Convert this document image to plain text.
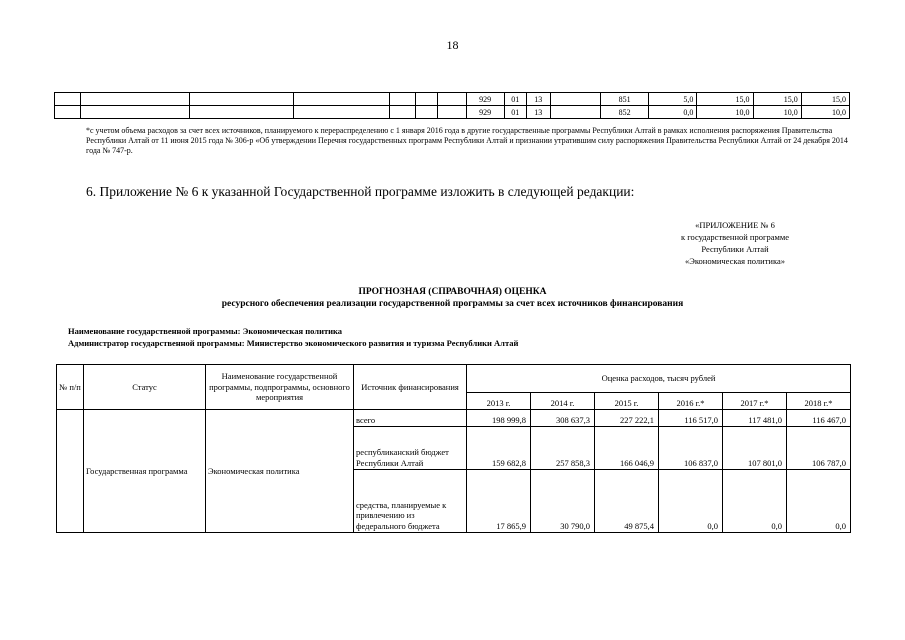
18
							929	01	13		851	5,0	15,0	15,0	15,0
							929	01	13		852	0,0	10,0	10,0	10,0
*с учетом объема расходов за счет всех источников, планируемого к перераспределению с 1 января 2016 года в другие государственные программы Республики Алтай в рамках исполнения распоряжения Правительства Республики Алтай от 11 июня 2015 года № 306-р «Об утверждении Перечня государственных программ Республики Алтай и признании утратившим силу распоряжения Правительства Республики Алтай от 24 декабря 2014 года № 747-р.
6. Приложение № 6 к указанной Государственной программе изложить в следующей редакции:
«ПРИЛОЖЕНИЕ № 6
к государственной программе
Республики Алтай
«Экономическая политика»
ПРОГНОЗНАЯ (СПРАВОЧНАЯ) ОЦЕНКА
ресурсного обеспечения реализации государственной программы за счет всех источников финансирования
Наименование государственной программы: Экономическая политика
Администратор государственной программы: Министерство экономического развития и туризма Республики Алтай
№ п/п	Статус	Наименование государственной программы, подпрограммы, основного мероприятия	Источник финансирования	Оценка расходов, тысяч рублей					
				2013 г.	2014 г.	2015 г.	2016 г.*	2017 г.*	2018 г.*
	Государственная программа	Экономическая политика	всего	198 999,8	308 637,3	227 222,1	116 517,0	117 481,0	116 467,0
			республиканский бюджет Республики Алтай	159 682,8	257 858,3	166 046,9	106 837,0	107 801,0	106 787,0
			средства, планируемые к привлечению из федерального бюджета	17 865,9	30 790,0	49 875,4	0,0	0,0	0,0
